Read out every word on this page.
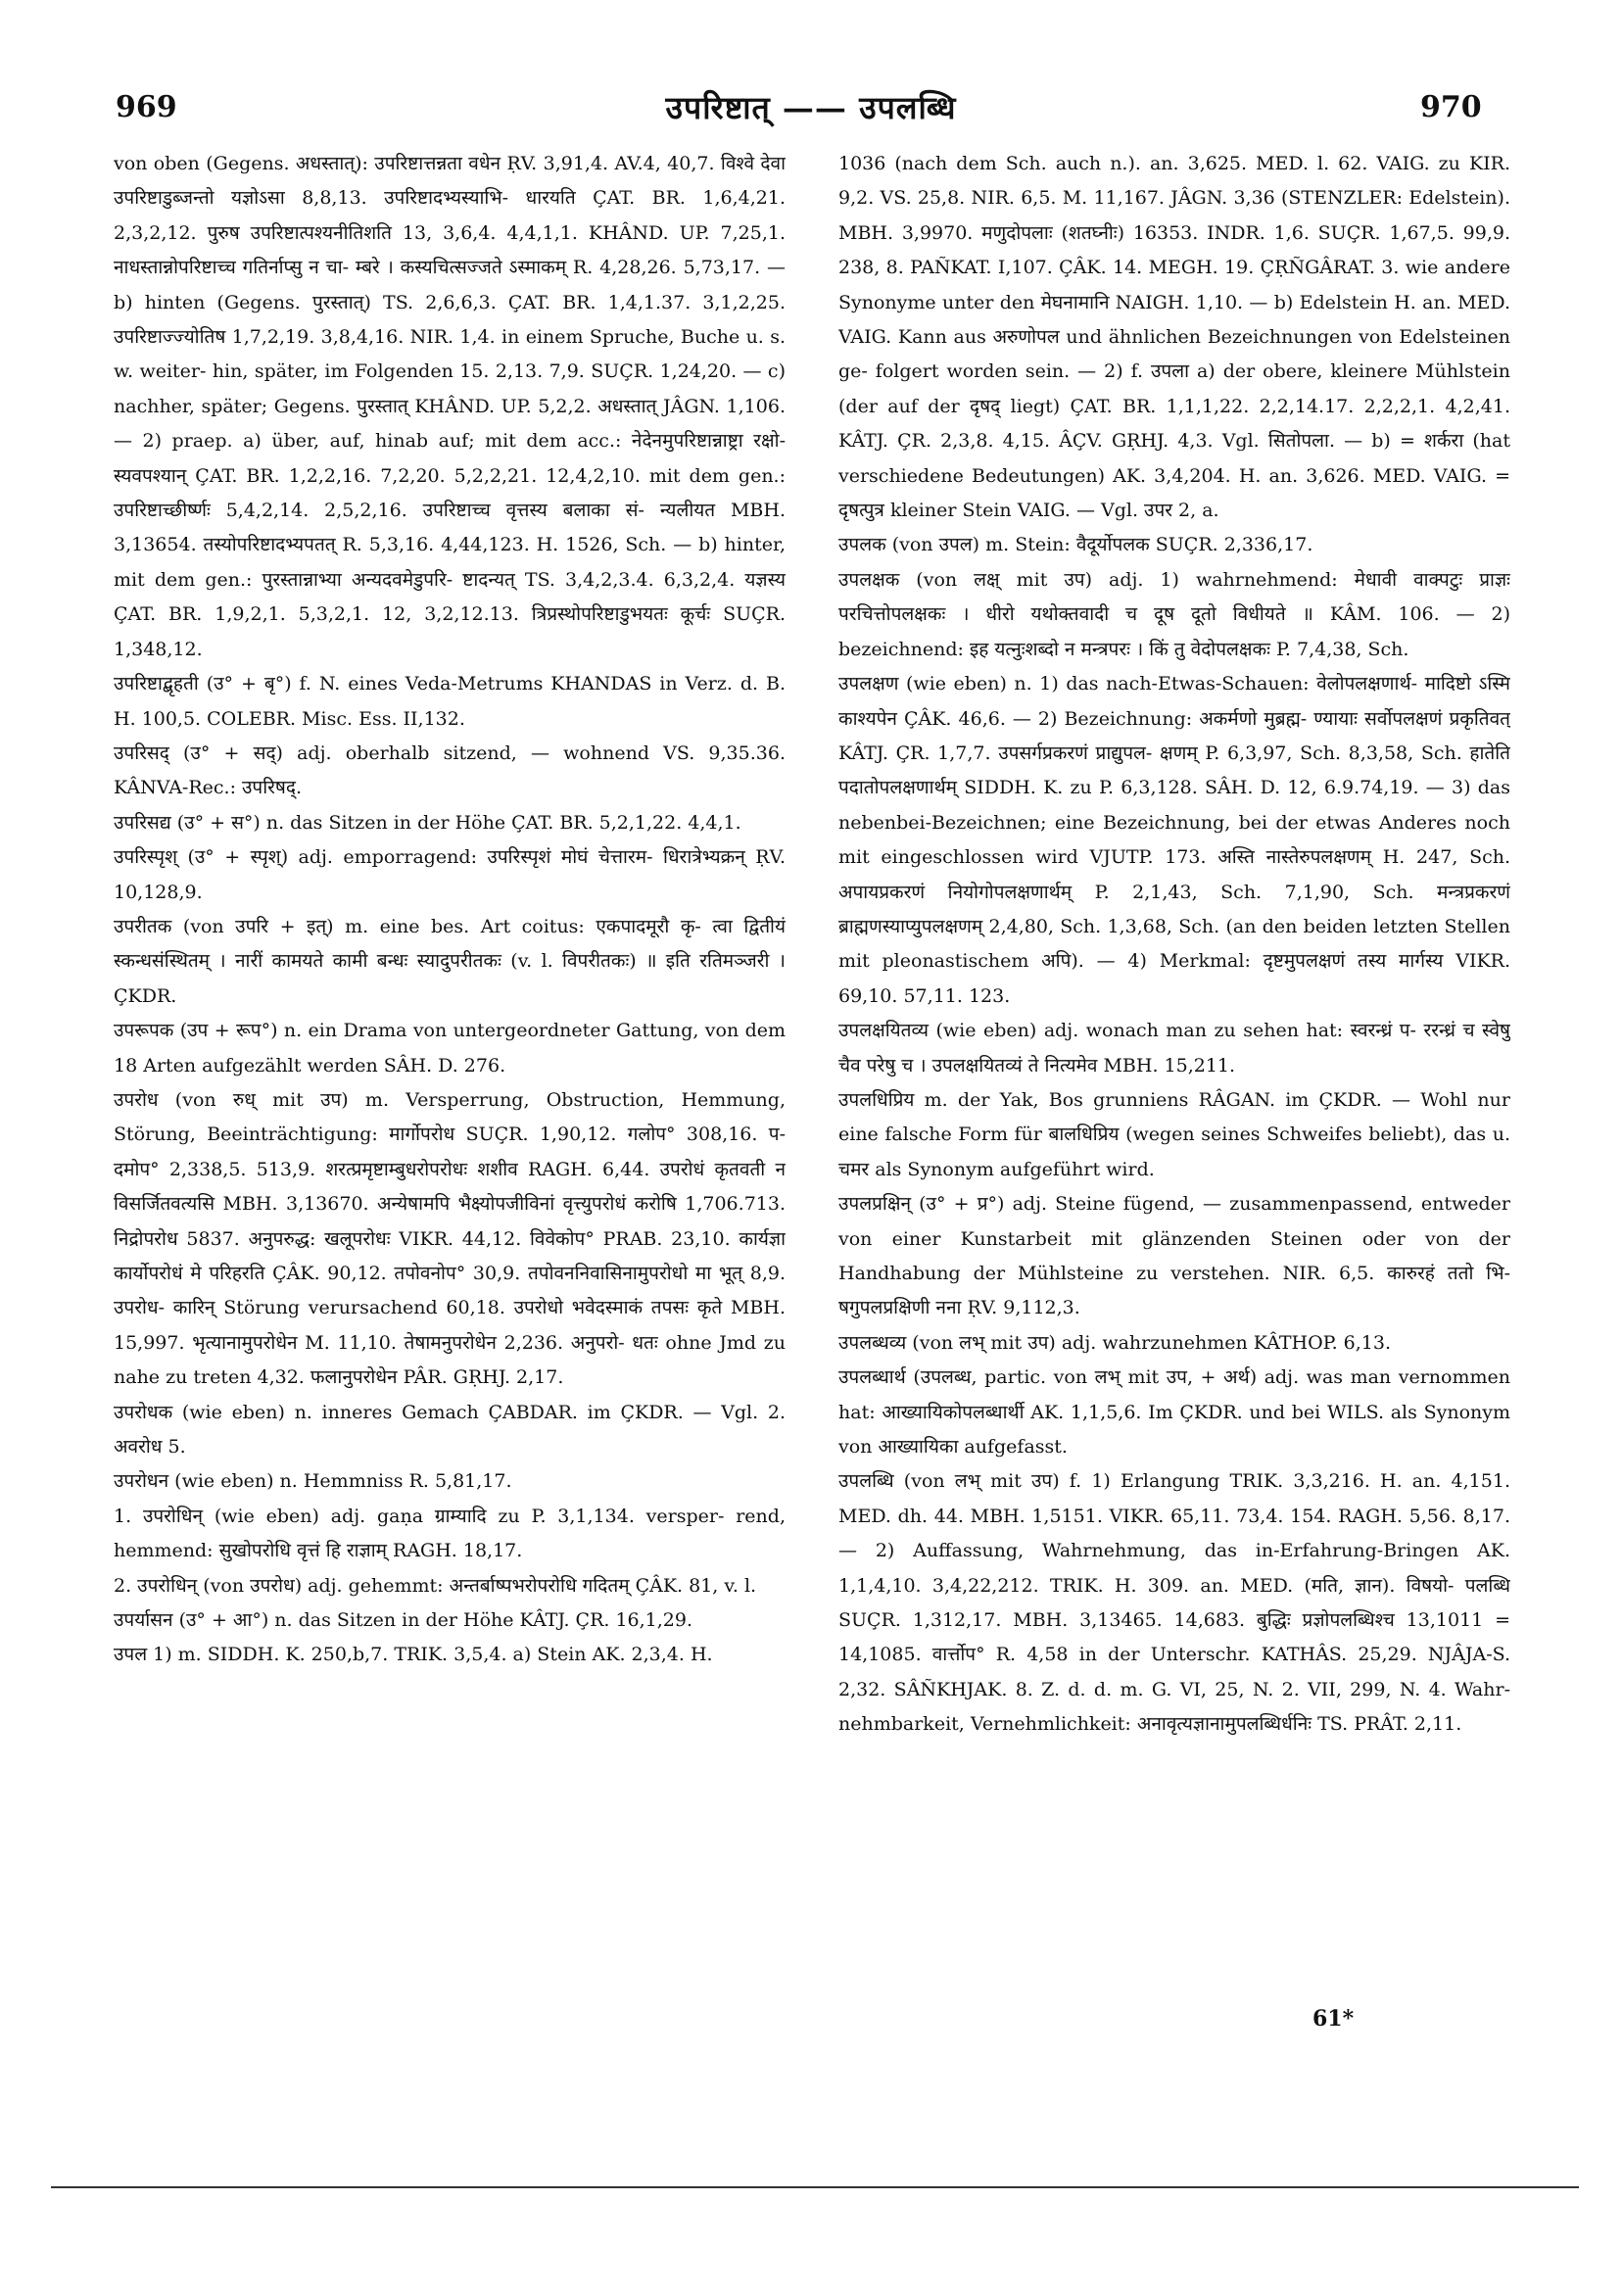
969	उपरिष्टात् —— उपलब्धि	970

von oben (Gegens. अधस्तात्): उपरिष्टात्तन्नता वधेन ṚV. 3,91,4. AV.4, 40,7. विश्वे देवा उपरिष्टाडुब्जन्तो यज्ञोऽसा 8,8,13. उपरिष्टादभ्यस्याभि- धारयति ÇAT. BR. 1,6,4,21. 2,3,2,12. पुरुष उपरिष्टात्पश्यनीतिशति 13, 3,6,4. 4,4,1,1. KHÂND. UP. 7,25,1. नाधस्तान्नोपरिष्टाच्च गतिर्नाप्सु न चा- म्बरे । कस्यचित्सज्जते ऽस्माकम् R. 4,28,26. 5,73,17. — b) hinten (Gegens. पुरस्तात्) TS. 2,6,6,3. ÇAT. BR. 1,4,1.37. 3,1,2,25. उपरिष्टाज्ज्योतिष 1,7,2,19. 3,8,4,16. NIR. 1,4. in einem Spruche, Buche u. s. w. weiter- hin, später, im Folgenden 15. 2,13. 7,9. SUÇR. 1,24,20. — c) nachher, später; Gegens. पुरस्तात् KHÂND. UP. 5,2,2. अधस्तात् JÂGN. 1,106. — 2) praep. a) über, auf, hinab auf; mit dem acc.: नेदेनमुपरिष्टान्नाष्ट्रा रक्षो- स्यवपश्यान् ÇAT. BR. 1,2,2,16. 7,2,20. 5,2,2,21. 12,4,2,10. mit dem gen.: उपरिष्टाच्छीर्ष्णः 5,4,2,14. 2,5,2,16. उपरिष्टाच्च वृत्तस्य बलाका सं- न्यलीयत MBH. 3,13654. तस्योपरिष्टादभ्यपतत् R. 5,3,16. 4,44,123. H. 1526, Sch. — b) hinter, mit dem gen.: पुरस्तान्नाभ्या अन्यदवमेडुपरि- ष्टादन्यत् TS. 3,4,2,3.4. 6,3,2,4. यज्ञस्य ÇAT. BR. 1,9,2,1. 5,3,2,1. 12, 3,2,12.13. त्रिप्रस्थोपरिष्टाडुभयतः कूर्चः SUÇR. 1,348,12.

उपरिष्टाद्बृहती (उ° + बृ°) f. N. eines Veda-Metrums KHANDAS in Verz. d. B. H. 100,5. COLEBR. Misc. Ess. II,132.

उपरिसद् (उ° + सद्) adj. oberhalb sitzend, — wohnend VS. 9,35.36. KÂNVA-Rec.: उपरिषद्.

उपरिसद्य (उ° + स°) n. das Sitzen in der Höhe ÇAT. BR. 5,2,1,22. 4,4,1.

उपरिस्पृश् (उ° + स्पृश्) adj. emporragend: उपरिस्पृशं मोघं चेत्तारम- धिरात्रेभ्यक्रन् ṚV. 10,128,9.

उपरीतक (von उपरि + इत्) m. eine bes. Art coitus: एकपादमूरौ कृ- त्वा द्वितीयं स्कन्धसंस्थितम् । नारीं कामयते कामी बन्धः स्यादुपरीतकः (v. l. विपरीतकः) ॥ इति रतिमञ्जरी । ÇKDR.

उपरूपक (उप + रूप°) n. ein Drama von untergeordneter Gattung, von dem 18 Arten aufgezählt werden SÂH. D. 276.

उपरोध (von रुध् mit उप) m. Versperrung, Obstruction, Hemmung, Störung, Beeinträchtigung: मार्गोपरोध SUÇR. 1,90,12. गलोप° 308,16. प- दमोप° 2,338,5. 513,9. शरत्प्रमृष्टाम्बुधरोपरोधः शशीव RAGH. 6,44. उपरोधं कृतवती न विसर्जितवत्यसि MBH. 3,13670. अन्येषामपि भैक्ष्योपजीविनां वृत्त्युपरोधं करोषि 1,706.713. निद्रोपरोध 5837. अनुपरुद्ध: खलूपरोधः VIKR. 44,12. विवेकोप° PRAB. 23,10. कार्यज्ञा कार्योपरोधं मे परिहरति ÇÂK. 90,12. तपोवनोप° 30,9. तपोवननिवासिनामुपरोधो मा भूत् 8,9. उपरोध- कारिन् Störung verursachend 60,18. उपरोधो भवेदस्माकं तपसः कृते MBH. 15,997. भृत्यानामुपरोधेन M. 11,10. तेषामनुपरोधेन 2,236. अनुपरो- धतः ohne Jmd zu nahe zu treten 4,32. फलानुपरोधेन PÂR. GṚHJ. 2,17.

उपरोधक (wie eben) n. inneres Gemach ÇABDAR. im ÇKDR. — Vgl. 2. अवरोध 5.

उपरोधन (wie eben) n. Hemmniss R. 5,81,17.

1. उपरोधिन् (wie eben) adj. gaṇa ग्राम्यादि zu P. 3,1,134. versper- rend, hemmend: सुखोपरोधि वृत्तं हि राज्ञाम् RAGH. 18,17.

2. उपरोधिन् (von उपरोध) adj. gehemmt: अन्तर्बाष्पभरोपरोधि गदितम् ÇÂK. 81, v. l.

उपर्यासन (उ° + आ°) n. das Sitzen in der Höhe KÂTJ. ÇR. 16,1,29.

उपल 1) m. SIDDH. K. 250,b,7. TRIK. 3,5,4. a) Stein AK. 2,3,4. H.

1036 (nach dem Sch. auch n.). an. 3,625. MED. l. 62. VAIG. zu KIR. 9,2. VS. 25,8. NIR. 6,5. M. 11,167. JÂGN. 3,36 (STENZLER: Edelstein). MBH. 3,9970. मणुदोपलाः (शतघ्नीः) 16353. INDR. 1,6. SUÇR. 1,67,5. 99,9. 238, 8. PAÑKAT. I,107. ÇÂK. 14. MEGH. 19. ÇṚÑGÂRAT. 3. wie andere Synonyme unter den मेघनामानि NAIGH. 1,10. — b) Edelstein H. an. MED. VAIG. Kann aus अरुणोपल und ähnlichen Bezeichnungen von Edelsteinen ge- folgert worden sein. — 2) f. उपला a) der obere, kleinere Mühlstein (der auf der दृषद् liegt) ÇAT. BR. 1,1,1,22. 2,2,14.17. 2,2,2,1. 4,2,41. KÂTJ. ÇR. 2,3,8. 4,15. ÂÇV. GṚHJ. 4,3. Vgl. सितोपला. — b) = शर्करा (hat verschiedene Bedeutungen) AK. 3,4,204. H. an. 3,626. MED. VAIG. = दृषत्पुत्र kleiner Stein VAIG. — Vgl. उपर 2, a.

उपलक (von उपल) m. Stein: वैदूर्योपलक SUÇR. 2,336,17.

उपलक्षक (von लक्ष् mit उप) adj. 1) wahrnehmend: मेधावी वाक्पटुः प्राज्ञः परचित्तोपलक्षकः । धीरो यथोक्तवादी च दूष दूतो विधीयते ॥ KÂM. 106. — 2) bezeichnend: इह यत्नुःशब्दो न मन्त्रपरः । किं तु वेदोपलक्षकः P. 7,4,38, Sch.

उपलक्षण (wie eben) n. 1) das nach-Etwas-Schauen: वेलोपलक्षणार्थ- मादिष्टो ऽस्मि काश्यपेन ÇÂK. 46,6. — 2) Bezeichnung: अकर्मणो मुब्रह्म- ण्यायाः सर्वोपलक्षणं प्रकृतिवत् KÂTJ. ÇR. 1,7,7. उपसर्गप्रकरणं प्राद्युपल- क्षणम् P. 6,3,97, Sch. 8,3,58, Sch. हातेति पदातोपलक्षणार्थम् SIDDH. K. zu P. 6,3,128. SÂH. D. 12, 6.9.74,19. — 3) das nebenbei-Bezeichnen; eine Bezeichnung, bei der etwas Anderes noch mit eingeschlossen wird VJUTP. 173. अस्ति नास्तेरुपलक्षणम् H. 247, Sch. अपायप्रकरणं नियोगोपलक्षणार्थम् P. 2,1,43, Sch. 7,1,90, Sch. मन्त्रप्रकरणं ब्राह्मणस्याप्युपलक्षणम् 2,4,80, Sch. 1,3,68, Sch. (an den beiden letzten Stellen mit pleonastischem अपि). — 4) Merkmal: दृष्टमुपलक्षणं तस्य मार्गस्य VIKR. 69,10. 57,11. 123.

उपलक्षयितव्य (wie eben) adj. wonach man zu sehen hat: स्वरन्ध्रं प- ररन्ध्रं च स्वेषु चैव परेषु च । उपलक्षयितव्यं ते नित्यमेव MBH. 15,211.

उपलधिप्रिय m. der Yak, Bos grunniens RÂGAN. im ÇKDR. — Wohl nur eine falsche Form für बालधिप्रिय (wegen seines Schweifes beliebt), das u. चमर als Synonym aufgeführt wird.

उपलप्रक्षिन् (उ° + प्र°) adj. Steine fügend, — zusammenpassend, entweder von einer Kunstarbeit mit glänzenden Steinen oder von der Handhabung der Mühlsteine zu verstehen. NIR. 6,5. कारुरहं ततो भि- षगुपलप्रक्षिणी नना ṚV. 9,112,3.

उपलब्धव्य (von लभ् mit उप) adj. wahrzunehmen KÂTHOP. 6,13.

उपलब्धार्थ (उपलब्ध, partic. von लभ् mit उप, + अर्थ) adj. was man vernommen hat: आख्यायिकोपलब्धार्थी AK. 1,1,5,6. Im ÇKDR. und bei WILS. als Synonym von आख्यायिका aufgefasst.

उपलब्धि (von लभ् mit उप) f. 1) Erlangung TRIK. 3,3,216. H. an. 4,151. MED. dh. 44. MBH. 1,5151. VIKR. 65,11. 73,4. 154. RAGH. 5,56. 8,17. — 2) Auffassung, Wahrnehmung, das in-Erfahrung-Bringen AK. 1,1,4,10. 3,4,22,212. TRIK. H. 309. an. MED. (मति, ज्ञान). विषयो- पलब्धि SUÇR. 1,312,17. MBH. 3,13465. 14,683. बुद्धिः प्रज्ञोपलब्धिश्च 13,1011 = 14,1085. वार्त्तोप° R. 4,58 in der Unterschr. KATHÂS. 25,29. NJÂJA-S. 2,32. SÂÑKHJAK. 8. Z. d. d. m. G. VI, 25, N. 2. VII, 299, N. 4. Wahr- nehmbarkeit, Vernehmlichkeit: अनावृत्यज्ञानामुपलब्धिर्धनिः TS. PRÂT. 2,11.

61*
